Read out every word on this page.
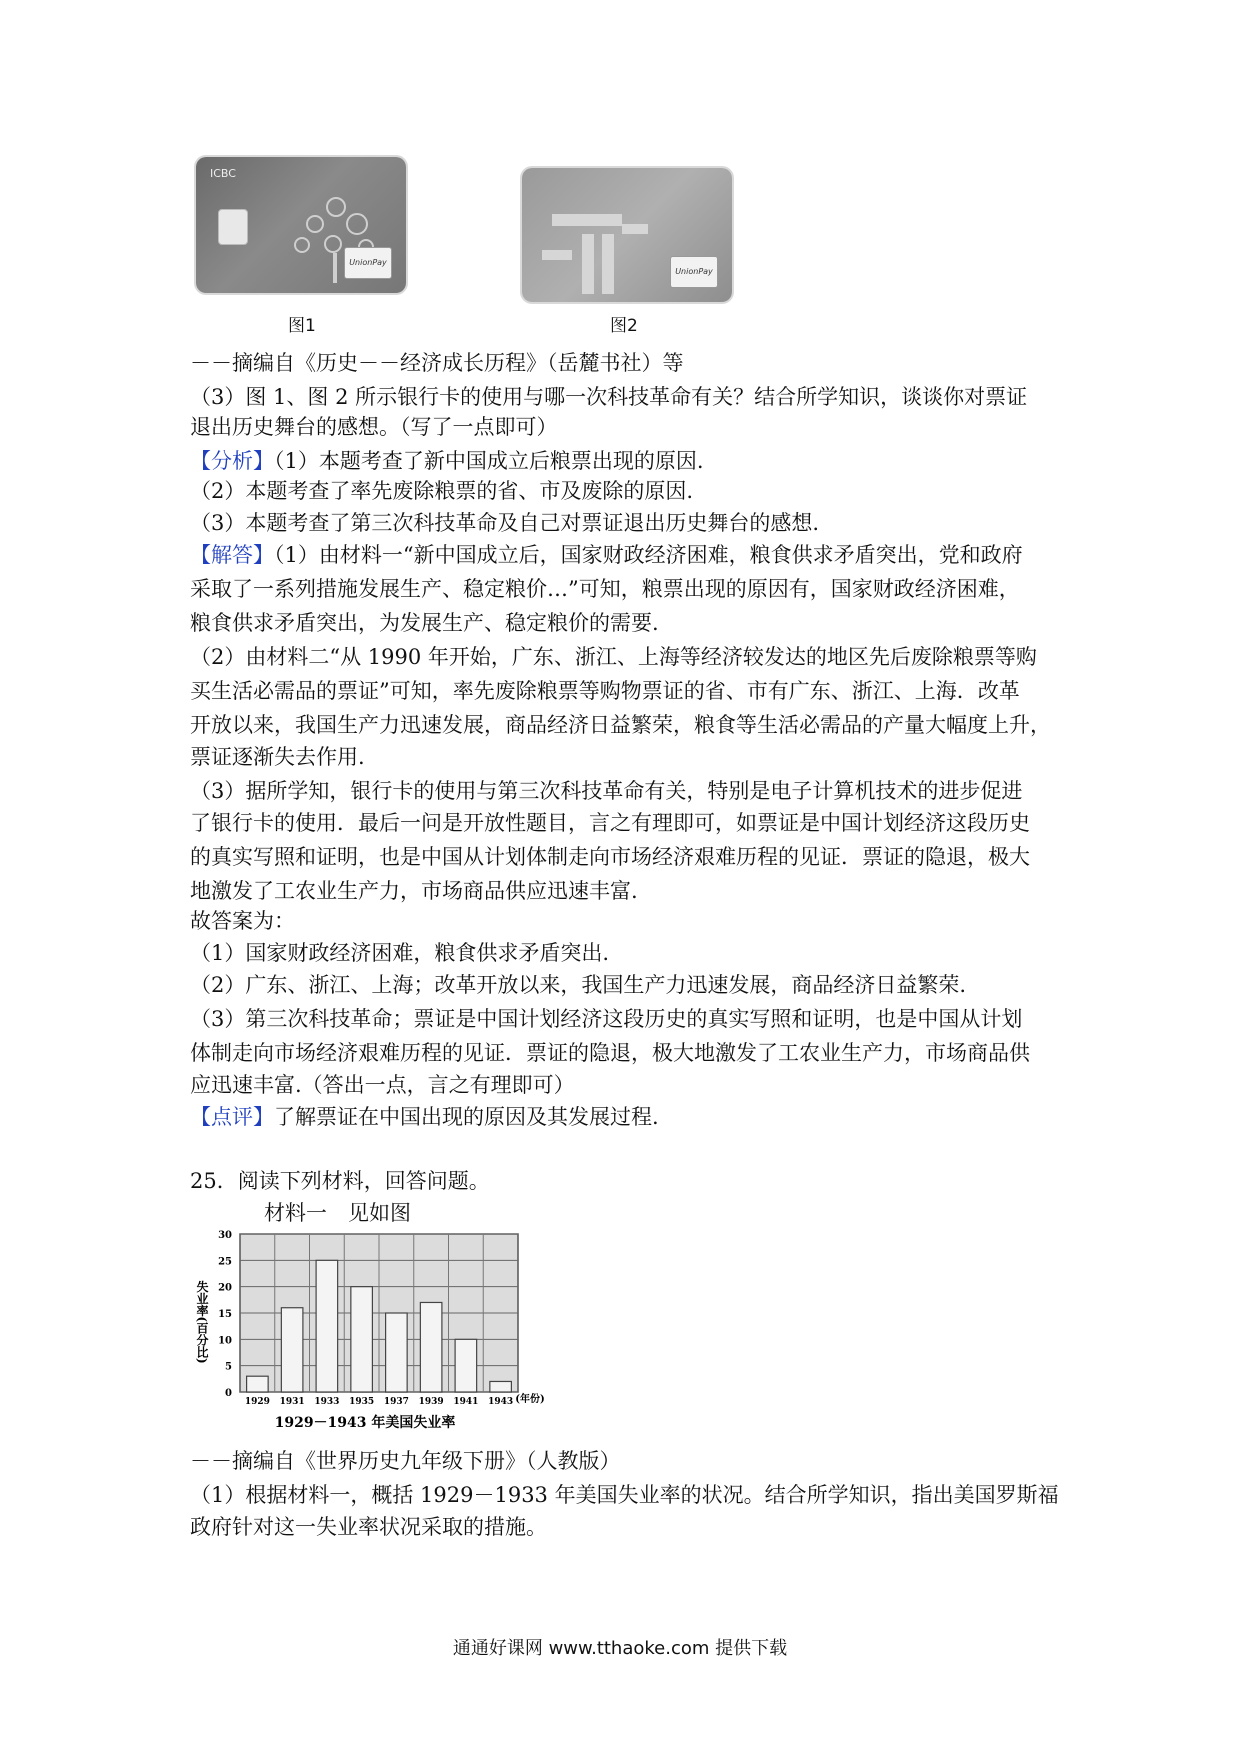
ICBC
UnionPay
图1
UnionPay
图2
－－摘编自《历史－－经济成长历程》（岳麓书社）等
（3）图 1、图 2 所示银行卡的使用与哪一次科技革命有关？结合所学知识，谈谈你对票证
退出历史舞台的感想。（写了一点即可）
【分析】（1）本题考查了新中国成立后粮票出现的原因.
（2）本题考查了率先废除粮票的省、市及废除的原因.
（3）本题考查了第三次科技革命及自己对票证退出历史舞台的感想.
【解答】（1）由材料一“新中国成立后，国家财政经济困难，粮食供求矛盾突出，党和政府
采取了一系列措施发展生产、稳定粮价…”可知，粮票出现的原因有，国家财政经济困难，
粮食供求矛盾突出，为发展生产、稳定粮价的需要.
（2）由材料二“从 1990 年开始，广东、浙江、上海等经济较发达的地区先后废除粮票等购
买生活必需品的票证”可知，率先废除粮票等购物票证的省、市有广东、浙江、上海．改革
开放以来，我国生产力迅速发展，商品经济日益繁荣，粮食等生活必需品的产量大幅度上升，
票证逐渐失去作用.
（3）据所学知，银行卡的使用与第三次科技革命有关，特别是电子计算机技术的进步促进
了银行卡的使用．最后一问是开放性题目，言之有理即可，如票证是中国计划经济这段历史
的真实写照和证明，也是中国从计划体制走向市场经济艰难历程的见证．票证的隐退，极大
地激发了工农业生产力，市场商品供应迅速丰富.
故答案为：
（1）国家财政经济困难，粮食供求矛盾突出.
（2）广东、浙江、上海；改革开放以来，我国生产力迅速发展，商品经济日益繁荣.
（3）第三次科技革命；票证是中国计划经济这段历史的真实写照和证明，也是中国从计划
体制走向市场经济艰难历程的见证．票证的隐退，极大地激发了工农业生产力，市场商品供
应迅速丰富.（答出一点，言之有理即可）
【点评】了解票证在中国出现的原因及其发展过程.
25．阅读下列材料，回答问题。
材料一　见如图
0
5
10
15
20
25
30
1929 1931 1933 1935 1937 1939 1941 1943
失业率(百分比)
(年份)
1929－1943 年美国失业率
－－摘编自《世界历史九年级下册》（人教版）
（1）根据材料一，概括 1929－1933 年美国失业率的状况。结合所学知识，指出美国罗斯福
政府针对这一失业率状况采取的措施。
通通好课网 www.tthaoke.com 提供下载
